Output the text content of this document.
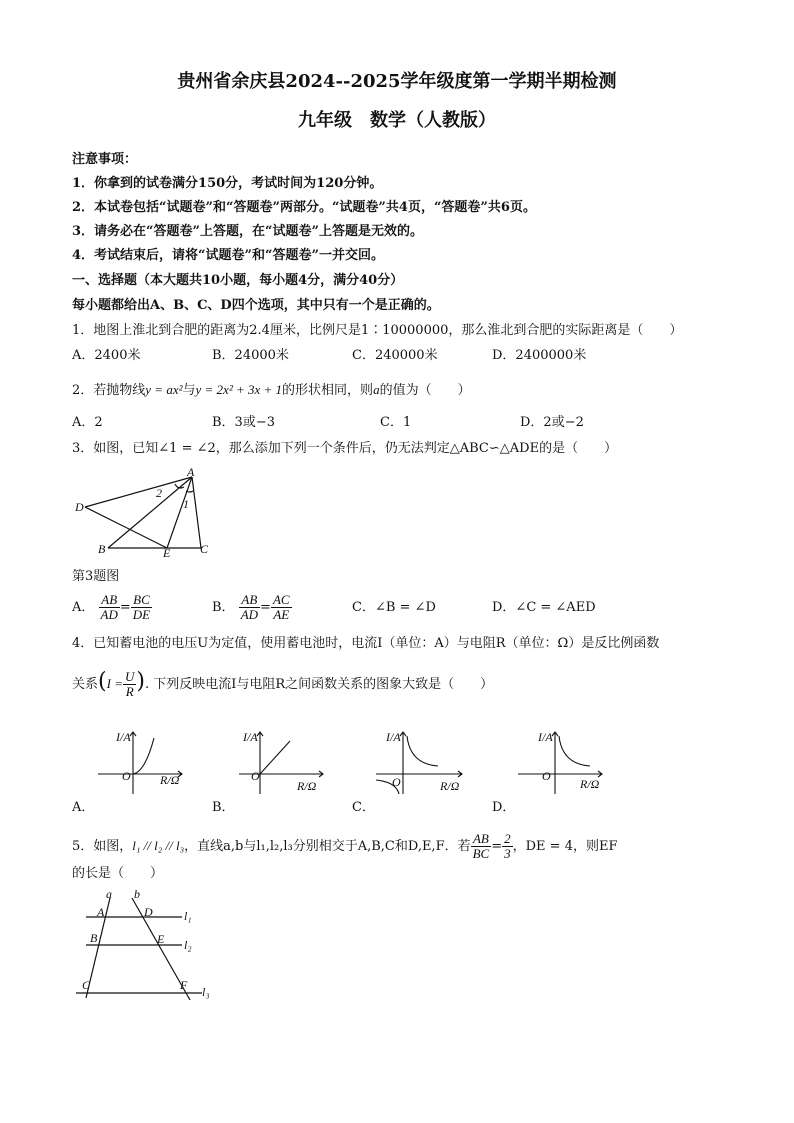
贵州省余庆县2024--2025学年级度第一学期半期检测
九年级　数学（人教版）
注意事项：
1．你拿到的试卷满分150分，考试时间为120分钟。
2．本试卷包括“试题卷”和“答题卷”两部分。“试题卷”共4页，“答题卷”共6页。
3．请务必在“答题卷”上答题，在“试题卷”上答题是无效的。
4．考试结束后，请将“试题卷”和“答题卷”一并交回。
一、选择题（本大题共10小题，每小题4分，满分40分）
每小题都给出A、B、C、D四个选项，其中只有一个是正确的。
1．地图上淮北到合肥的距离为2.4厘米，比例尺是1∶10000000，那么淮北到合肥的实际距离是（　　）
A．2400米	B．24000米	C．240000米	D．2400000米
2．若抛物线y = ax²与y = 2x² + 3x + 1的形状相同，则a的值为（　　）
A．2	B．3或−3	C．1	D．2或−2
3．如图，已知∠1 = ∠2，那么添加下列一个条件后，仍无法判定△ABC∽△ADE的是（　　）
A
D
B	E C
2
1
第3题图
A． $\frac{AB}{AD} = \frac{BC}{DE}$	B． $\frac{AB}{AD} = \frac{AC}{AE}$	C．∠B = ∠D	D．∠C = ∠AED
4．已知蓄电池的电压U为定值，使用蓄电池时，电流I（单位：A）与电阻R（单位：Ω）是反比例函数
关系($I = \frac{U}{R}$ ). 下列反映电流I与电阻R之间函数关系的图象大致是（　　）
I/A
R/Ω
O
I/A
R/Ω
O
I/A
R/Ω
O
I/A
R/Ω
O
A．	B．	C．	D．
5．如图，l₁ // l₂ // l₃，直线a,b与l₁,l₂,l₃分别相交于A,B,C和D,E,F．若 $\frac{AB}{BC} = \frac{2}{3}$ ，DE = 4，则EF
的长是（　　）
a b
A	D
B	E
C	F
l₁
l₂
l₃
